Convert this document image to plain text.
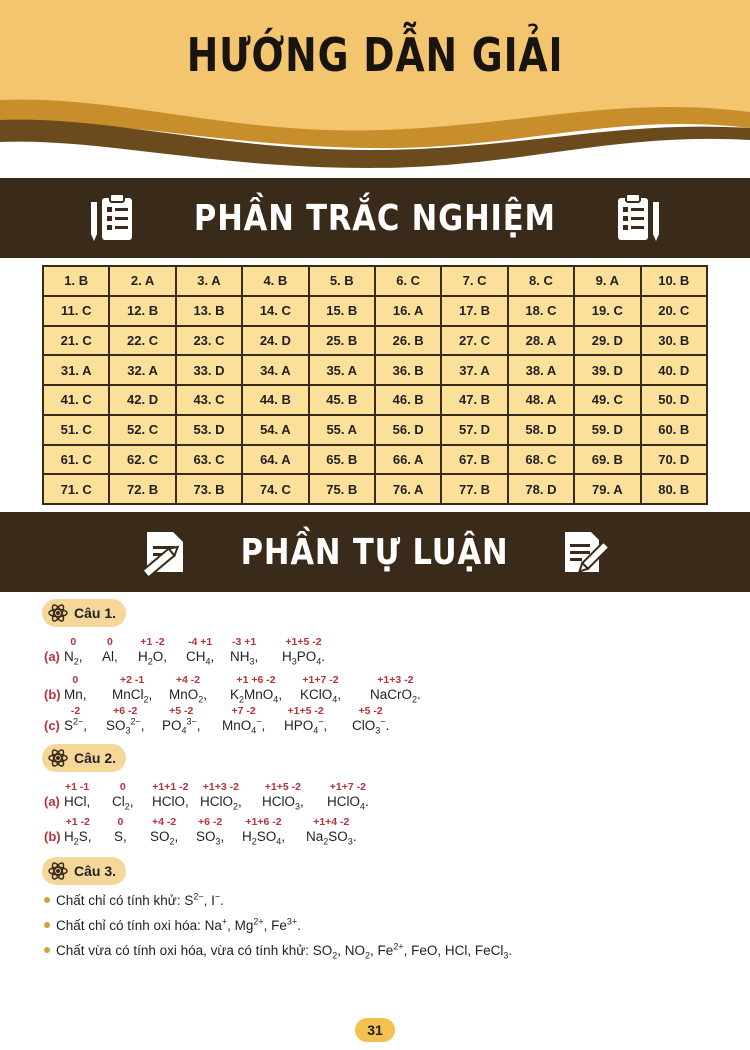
HƯỚNG DẪN GIẢI
PHẦN TRẮC NGHIỆM
1. B	2. A	3. A	4. B	5. B	6. C	7. C	8. C	9. A	10. B
11. C	12. B	13. B	14. C	15. B	16. A	17. B	18. C	19. C	20. C
21. C	22. C	23. C	24. D	25. B	26. B	27. C	28. A	29. D	30. B
31. A	32. A	33. D	34. A	35. A	36. B	37. A	38. A	39. D	40. D
41. C	42. D	43. C	44. B	45. B	46. B	47. B	48. A	49. C	50. D
51. C	52. C	53. D	54. A	55. A	56. D	57. D	58. D	59. D	60. B
61. C	62. C	63. C	64. A	65. B	66. A	67. B	68. C	69. B	70. D
71. C	72. B	73. B	74. C	75. B	76. A	77. B	78. D	79. A	80. B
PHẦN TỰ LUẬN
Câu 1.
Câu 2.
Câu 3.
(a)
0
$N_2$,
0
Al,
+1 -2
$H_2O$,
-4 +1
$CH_4$,
-3 +1
$NH_3$,
+1+5 -2
$H_3PO_4$.
(b)
0
Mn,
+2 -1
MnCl$_2$,
+4 -2
MnO$_2$,
+1 +6 -2
$K_2MnO_4$,
+1+7 -2
KClO$_4$,
+1+3 -2
NaCrO$_2$.
(c)
-2
$S^{2-}$,
+6 -2
$SO_3^{2-}$,
+5 -2
$PO_4^{3-}$,
+7 -2
MnO$_4$−,
+1+5 -2
$HPO_4^-$,
+5 -2
ClO$_3$−.
(a)
+1 -1
HCl,
0
$Cl_2$,
+1+1 -2
HClO,
+1+3 -2
HClO$_2$,
+1+5 -2
HClO$_3$,
+1+7 -2
HClO$_4$.
(b)
+1 -2
$H_2S$,
0
S,
+4 -2
$SO_2$,
+6 -2
$SO_3$,
+1+6 -2
$H_2SO_4$,
+1+4 -2
$Na_2SO_3$.
Chất chỉ có tính khử: $S^{2-}$, I−.
Chất chỉ có tính oxi hóa: Na+, $Mg^{2+}$, $Fe^{3+}$.
Chất vừa có tính oxi hóa, vừa có tính khử: $SO_2$, $NO_2$, $Fe^{2+}$, FeO, HCl, FeCl$_3$.
31
